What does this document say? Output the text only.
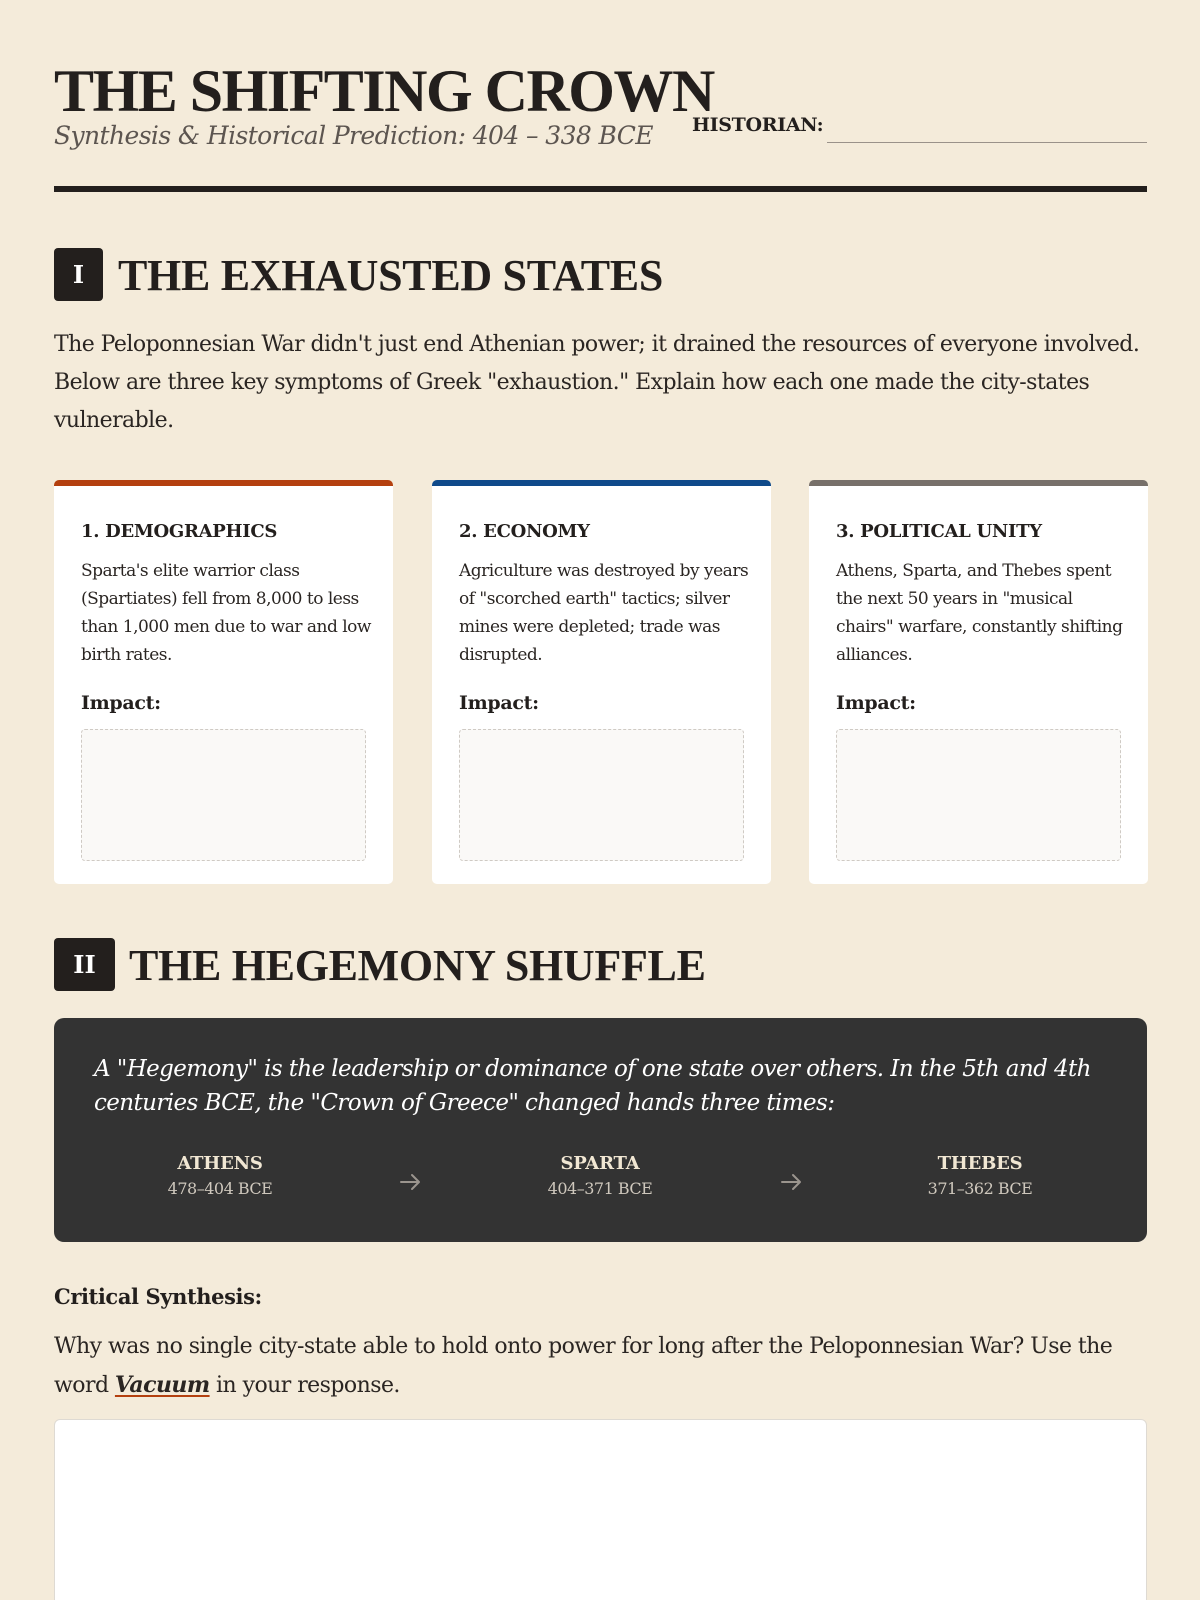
THE SHIFTING CROWN
Synthesis & Historical Prediction: 404 – 338 BCE HISTORIAN:
I THE EXHAUSTED STATES
The Peloponnesian War didn't just end Athenian power; it drained the resources of everyone involved. Below are three key symptoms of Greek "exhaustion." Explain how each one made the city-states vulnerable.
1. DEMOGRAPHICS
Sparta's elite warrior class (Spartiates) fell from 8,000 to less than 1,000 men due to war and low birth rates.
Impact:
2. ECONOMY
Agriculture was destroyed by years of "scorched earth" tactics; silver mines were depleted; trade was disrupted.
Impact:
3. POLITICAL UNITY
Athens, Sparta, and Thebes spent the next 50 years in "musical chairs" warfare, constantly shifting alliances.
Impact:
II THE HEGEMONY SHUFFLE
A "Hegemony" is the leadership or dominance of one state over others. In the 5th and 4th centuries BCE, the "Crown of Greece" changed hands three times:
ATHENS
478–404 BCE
SPARTA
404–371 BCE
THEBES
371–362 BCE
Critical Synthesis:
Why was no single city-state able to hold onto power for long after the Peloponnesian War? Use the word Vacuum in your response.
